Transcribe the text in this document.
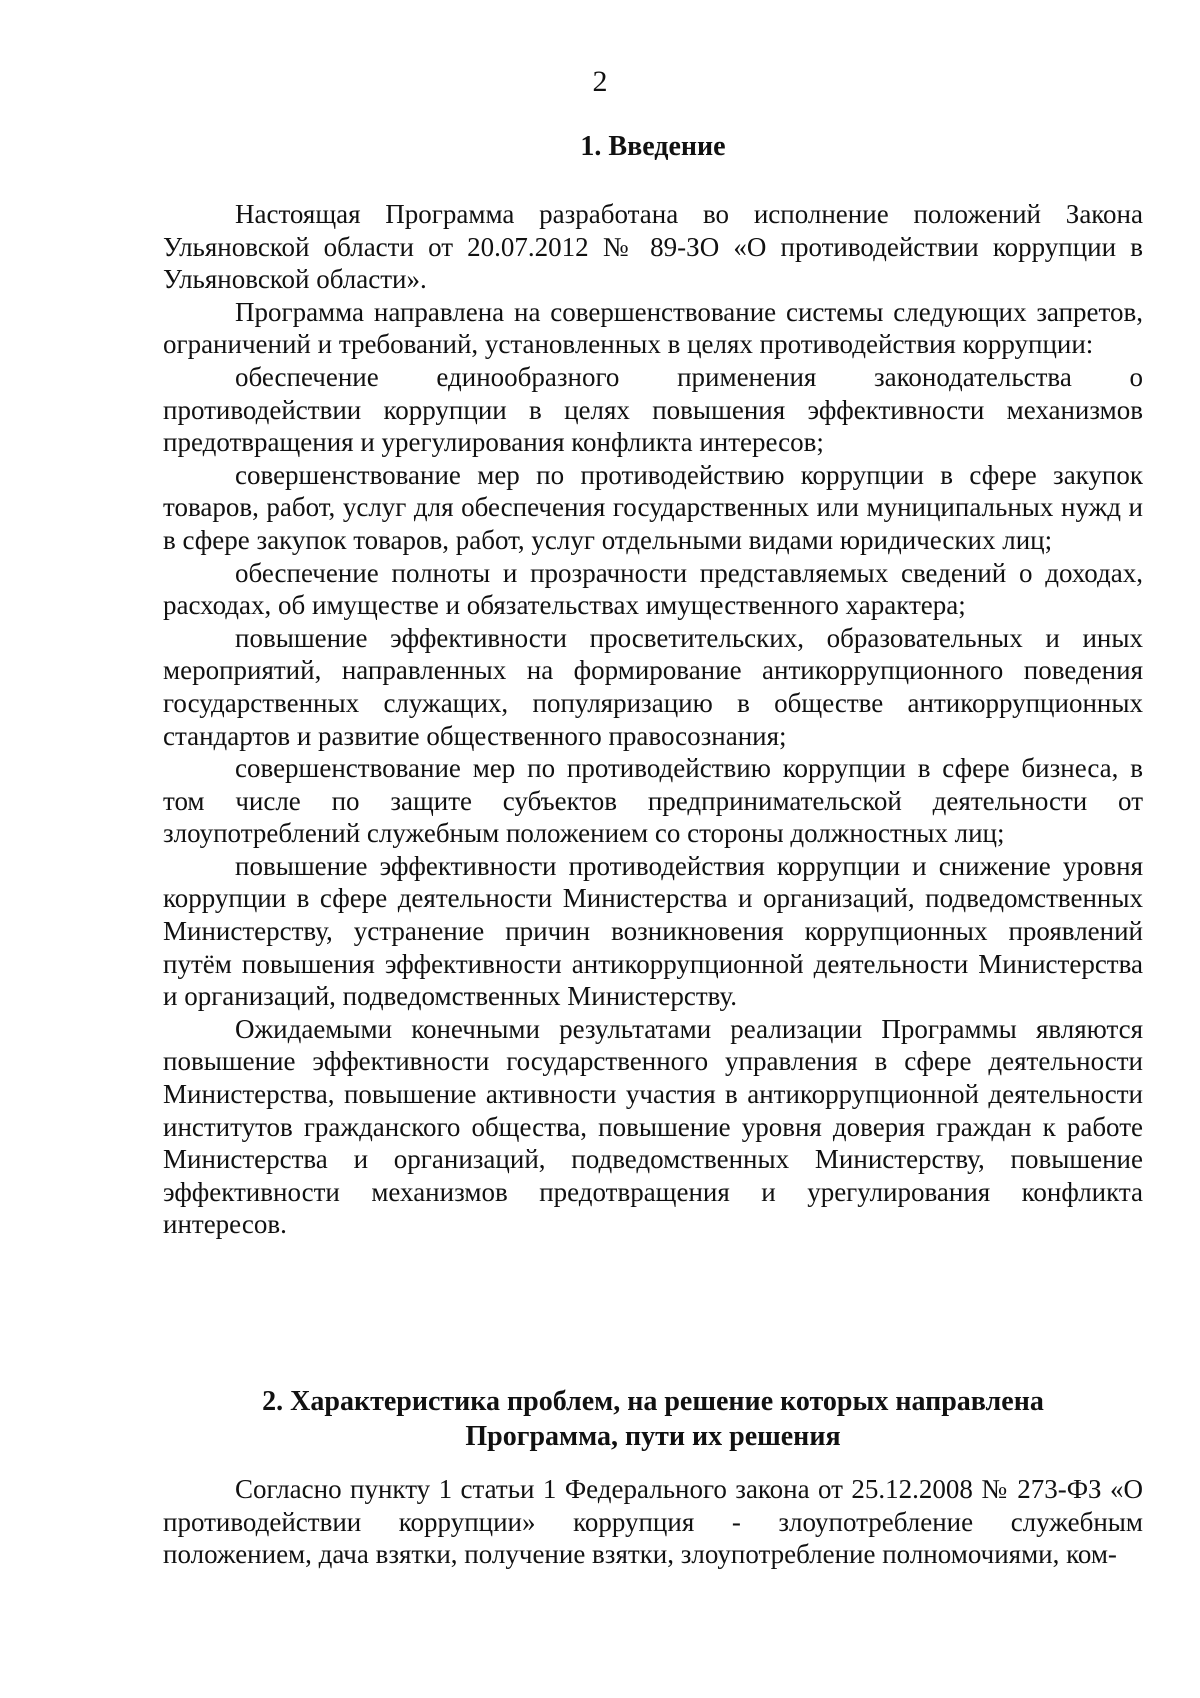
2
1. Введение

Настоящая Программа разработана во исполнение положений Закона Ульяновской области от 20.07.2012 № 89-ЗО «О противодействии коррупции в Ульяновской области».

Программа направлена на совершенствование системы следующих запретов, ограничений и требований, установленных в целях противодействия коррупции:

обеспечение единообразного применения законодательства о противодействии коррупции в целях повышения эффективности механизмов предотвращения и урегулирования конфликта интересов;

совершенствование мер по противодействию коррупции в сфере закупок товаров, работ, услуг для обеспечения государственных или муниципальных нужд и в сфере закупок товаров, работ, услуг отдельными видами юридических лиц;

обеспечение полноты и прозрачности представляемых сведений о доходах, расходах, об имуществе и обязательствах имущественного характера;

повышение эффективности просветительских, образовательных и иных мероприятий, направленных на формирование антикоррупционного поведения государственных служащих, популяризацию в обществе антикоррупционных стандартов и развитие общественного правосознания;

совершенствование мер по противодействию коррупции в сфере бизнеса, в том числе по защите субъектов предпринимательской деятельности от злоупотреблений служебным положением со стороны должностных лиц;

повышение эффективности противодействия коррупции и снижение уровня коррупции в сфере деятельности Министерства и организаций, подведомственных Министерству, устранение причин возникновения коррупционных проявлений путём повышения эффективности антикоррупционной деятельности Министерства и организаций, подведомственных Министерству.

Ожидаемыми конечными результатами реализации Программы являются повышение эффективности государственного управления в сфере деятельности Министерства, повышение активности участия в антикоррупционной деятельности институтов гражданского общества, повышение уровня доверия граждан к работе Министерства и организаций, подведомственных Министерству, повышение эффективности механизмов предотвращения и урегулирования конфликта интересов.

2. Характеристика проблем, на решение которых направлена
Программа, пути их решения

Согласно пункту 1 статьи 1 Федерального закона от 25.12.2008 № 273-ФЗ «О противодействии коррупции» коррупция - злоупотребление служебным положением, дача взятки, получение взятки, злоупотребление полномочиями, ком-
